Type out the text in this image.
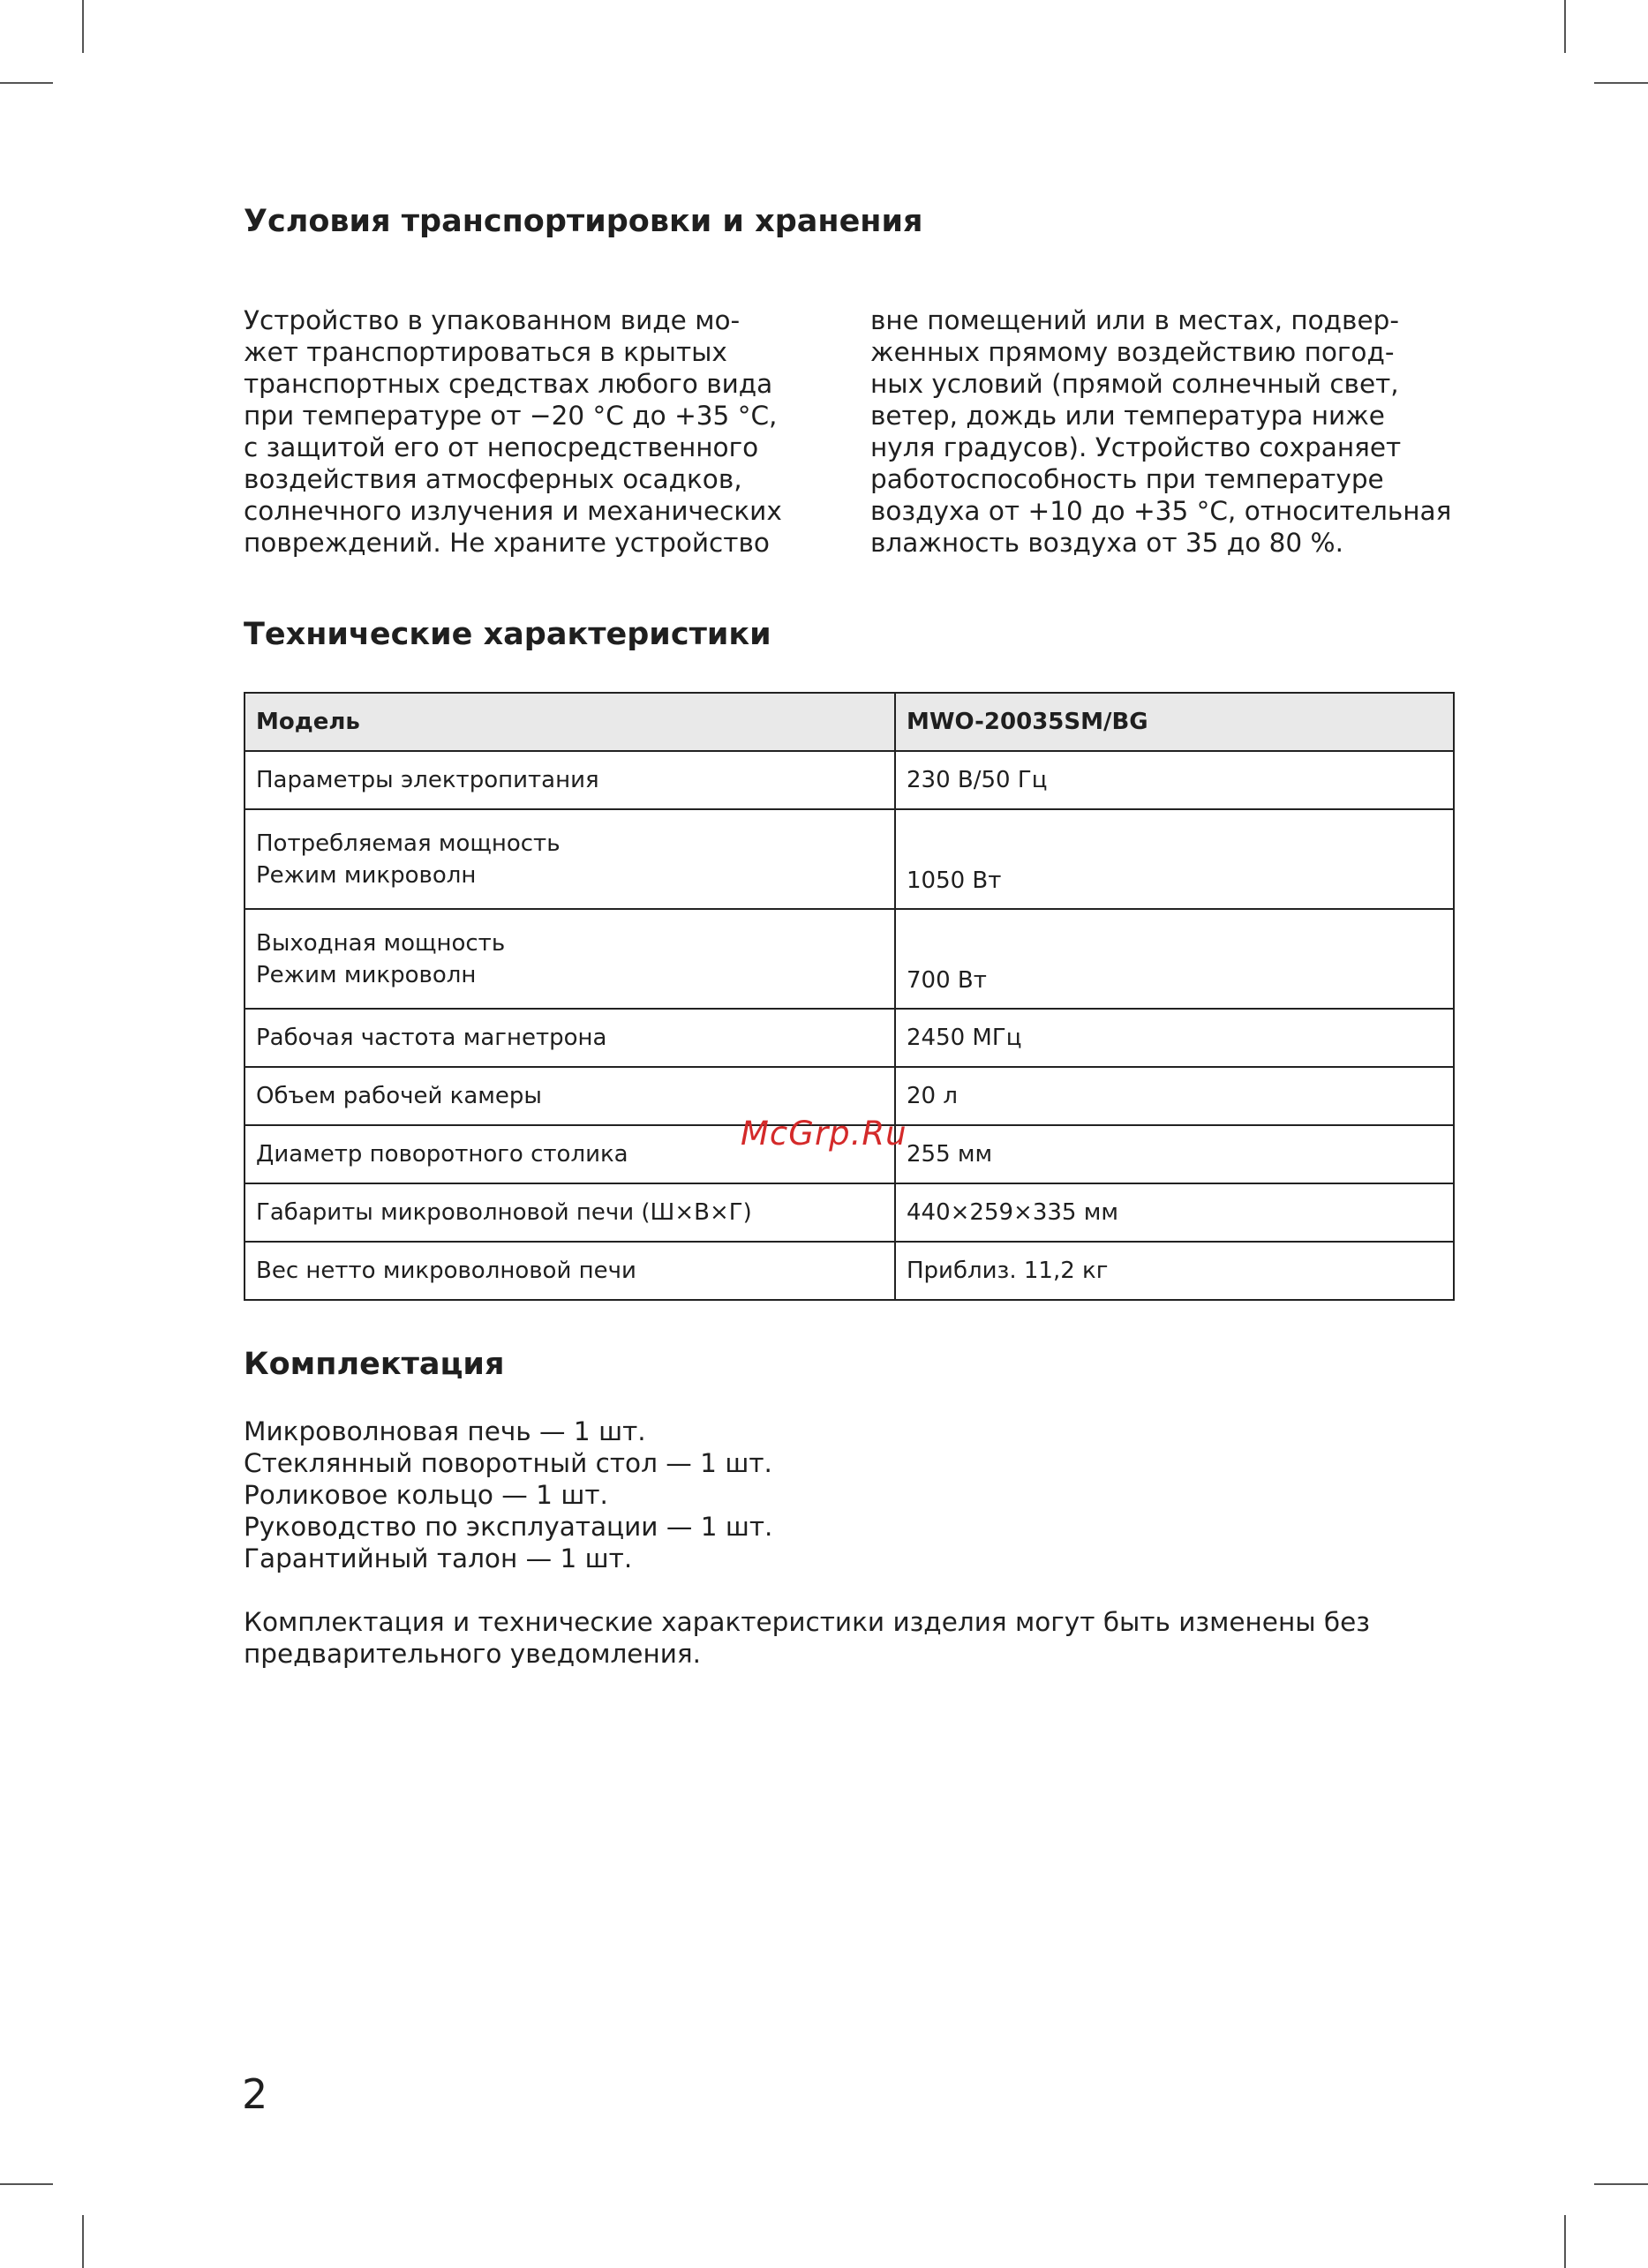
Условия транспортировки и хранения

Устройство в упакованном виде мо-
жет транспортироваться в крытых
транспортных средствах любого вида
при температуре от −20 °C до +35 °C,
с защитой его от непосредственного
воздействия атмосферных осадков,
солнечного излучения и механических
повреждений. Не храните устройство

вне помещений или в местах, подвер-
женных прямому воздействию погод-
ных условий (прямой солнечный свет,
ветер, дождь или температура ниже
нуля градусов). Устройство сохраняет
работоспособность при температуре
воздуха от +10 до +35 °C, относительная
влажность воздуха от 35 до 80 %.

Технические характеристики
Модель	MWO-20035SM/BG
Параметры электропитания	230 В/50 Гц

Потребляемая мощность
Режим микроволн	1050 Вт

Выходная мощность
Режим микроволн	700 Вт
Рабочая частота магнетрона	2450 МГц
Объем рабочей камеры	20 л
Диаметр поворотного столика	255 мм
Габариты микроволновой печи (Ш×В×Г)	440×259×335 мм
Вес нетто микроволновой печи	Приблиз. 11,2 кг
McGrp.Ru
Комплектация
Микроволновая печь — 1 шт.
Стеклянный поворотный стол — 1 шт.
Роликовое кольцо — 1 шт.
Руководство по эксплуатации — 1 шт.
Гарантийный талон — 1 шт.

Комплектация и технические характеристики изделия могут быть изменены без
предварительного уведомления.

2
